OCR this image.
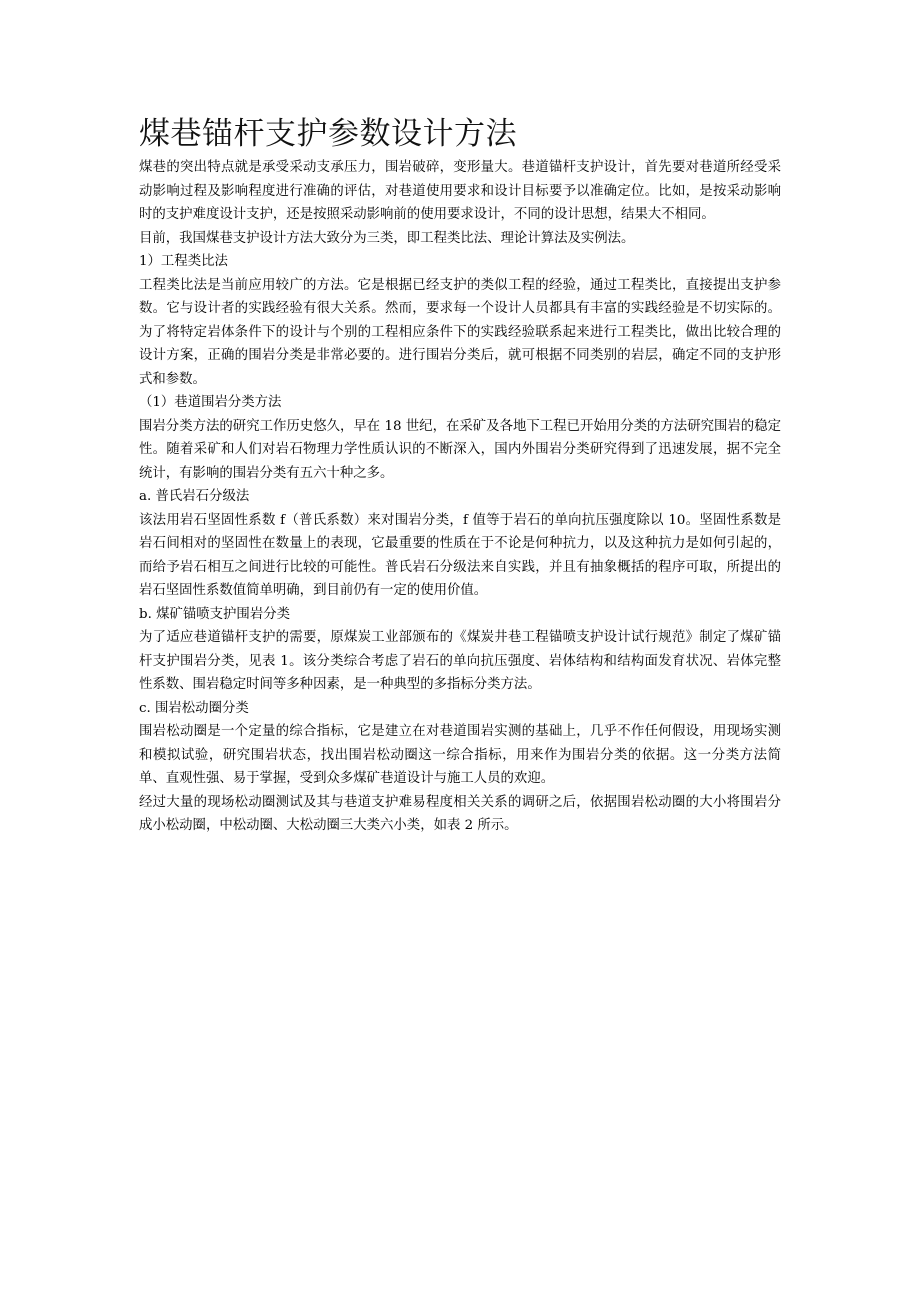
煤巷锚杆支护参数设计方法

煤巷的突出特点就是承受采动支承压力，围岩破碎，变形量大。巷道锚杆支护设计，首先要对巷道所经受采动影响过程及影响程度进行准确的评估，对巷道使用要求和设计目标要予以准确定位。比如，是按采动影响时的支护难度设计支护，还是按照采动影响前的使用要求设计，不同的设计思想，结果大不相同。

目前，我国煤巷支护设计方法大致分为三类，即工程类比法、理论计算法及实例法。

1）工程类比法

工程类比法是当前应用较广的方法。它是根据已经支护的类似工程的经验，通过工程类比，直接提出支护参数。它与设计者的实践经验有很大关系。然而，要求每一个设计人员都具有丰富的实践经验是不切实际的。为了将特定岩体条件下的设计与个别的工程相应条件下的实践经验联系起来进行工程类比，做出比较合理的设计方案，正确的围岩分类是非常必要的。进行围岩分类后，就可根据不同类别的岩层，确定不同的支护形式和参数。

（1）巷道围岩分类方法

围岩分类方法的研究工作历史悠久，早在 18 世纪，在采矿及各地下工程已开始用分类的方法研究围岩的稳定性。随着采矿和人们对岩石物理力学性质认识的不断深入，国内外围岩分类研究得到了迅速发展，据不完全统计，有影响的围岩分类有五六十种之多。

a. 普氏岩石分级法

该法用岩石坚固性系数 f（普氏系数）来对围岩分类，f 值等于岩石的单向抗压强度除以 10。坚固性系数是岩石间相对的坚固性在数量上的表现，它最重要的性质在于不论是何种抗力，以及这种抗力是如何引起的，而给予岩石相互之间进行比较的可能性。普氏岩石分级法来自实践，并且有抽象概括的程序可取，所提出的岩石坚固性系数值简单明确，到目前仍有一定的使用价值。

b. 煤矿锚喷支护围岩分类

为了适应巷道锚杆支护的需要，原煤炭工业部颁布的《煤炭井巷工程锚喷支护设计试行规范》制定了煤矿锚杆支护围岩分类，见表 1。该分类综合考虑了岩石的单向抗压强度、岩体结构和结构面发育状况、岩体完整性系数、围岩稳定时间等多种因素，是一种典型的多指标分类方法。

c. 围岩松动圈分类

围岩松动圈是一个定量的综合指标，它是建立在对巷道围岩实测的基础上，几乎不作任何假设，用现场实测和模拟试验，研究围岩状态，找出围岩松动圈这一综合指标，用来作为围岩分类的依据。这一分类方法简单、直观性强、易于掌握，受到众多煤矿巷道设计与施工人员的欢迎。

经过大量的现场松动圈测试及其与巷道支护难易程度相关关系的调研之后，依据围岩松动圈的大小将围岩分成小松动圈，中松动圈、大松动圈三大类六小类，如表 2 所示。
